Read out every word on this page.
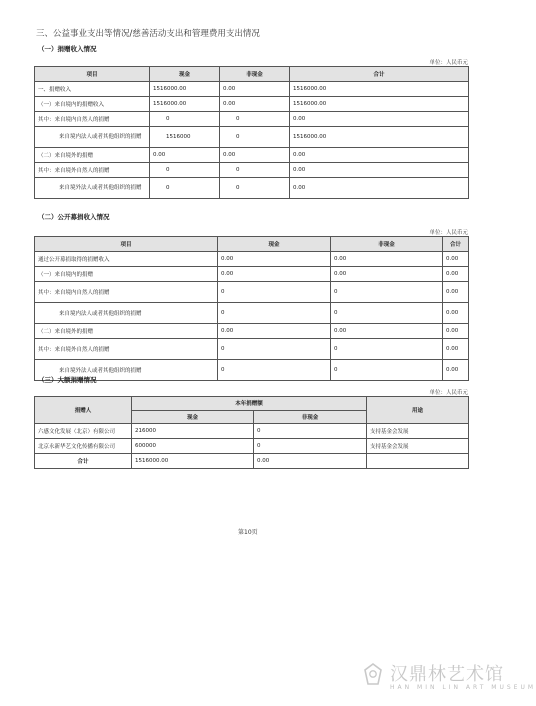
三、公益事业支出等情况/慈善活动支出和管理费用支出情况
（一）捐赠收入情况
单位：人民币元
项目	现金	非现金	合计
一、捐赠收入	1516000.00	0.00	1516000.00
（一）来自境内的捐赠收入	1516000.00	0.00	1516000.00
其中：来自境内自然人的捐赠	0	0	0.00
来自境内法人或者其他组织的捐赠	1516000	0	1516000.00
（二）来自境外的捐赠	0.00	0.00	0.00
其中：来自境外自然人的捐赠	0	0	0.00
来自境外法人或者其他组织的捐赠	0	0	0.00
（二）公开募捐收入情况
单位：人民币元
项目	现金	非现金	合计
通过公开募捐取得的捐赠收入	0.00	0.00	0.00
（一）来自境内的捐赠	0.00	0.00	0.00
其中：来自境内自然人的捐赠	0	0	0.00
来自境内法人或者其他组织的捐赠	0	0	0.00
（二）来自境外的捐赠	0.00	0.00	0.00
其中：来自境外自然人的捐赠	0	0	0.00
来自境外法人或者其他组织的捐赠	0	0	0.00
（三）大额捐赠情况
单位：人民币元
捐赠人	本年捐赠额		用途
	现金	非现金	
六感文化发展（北京）有限公司	216000	0	支持基金会发展
北京永新华艺文化传播有限公司	600000	0	支持基金会发展
合计	1516000.00	0.00	
第10页
汉鼎林艺术馆
HAN MIN LIN ART MUSEUM
